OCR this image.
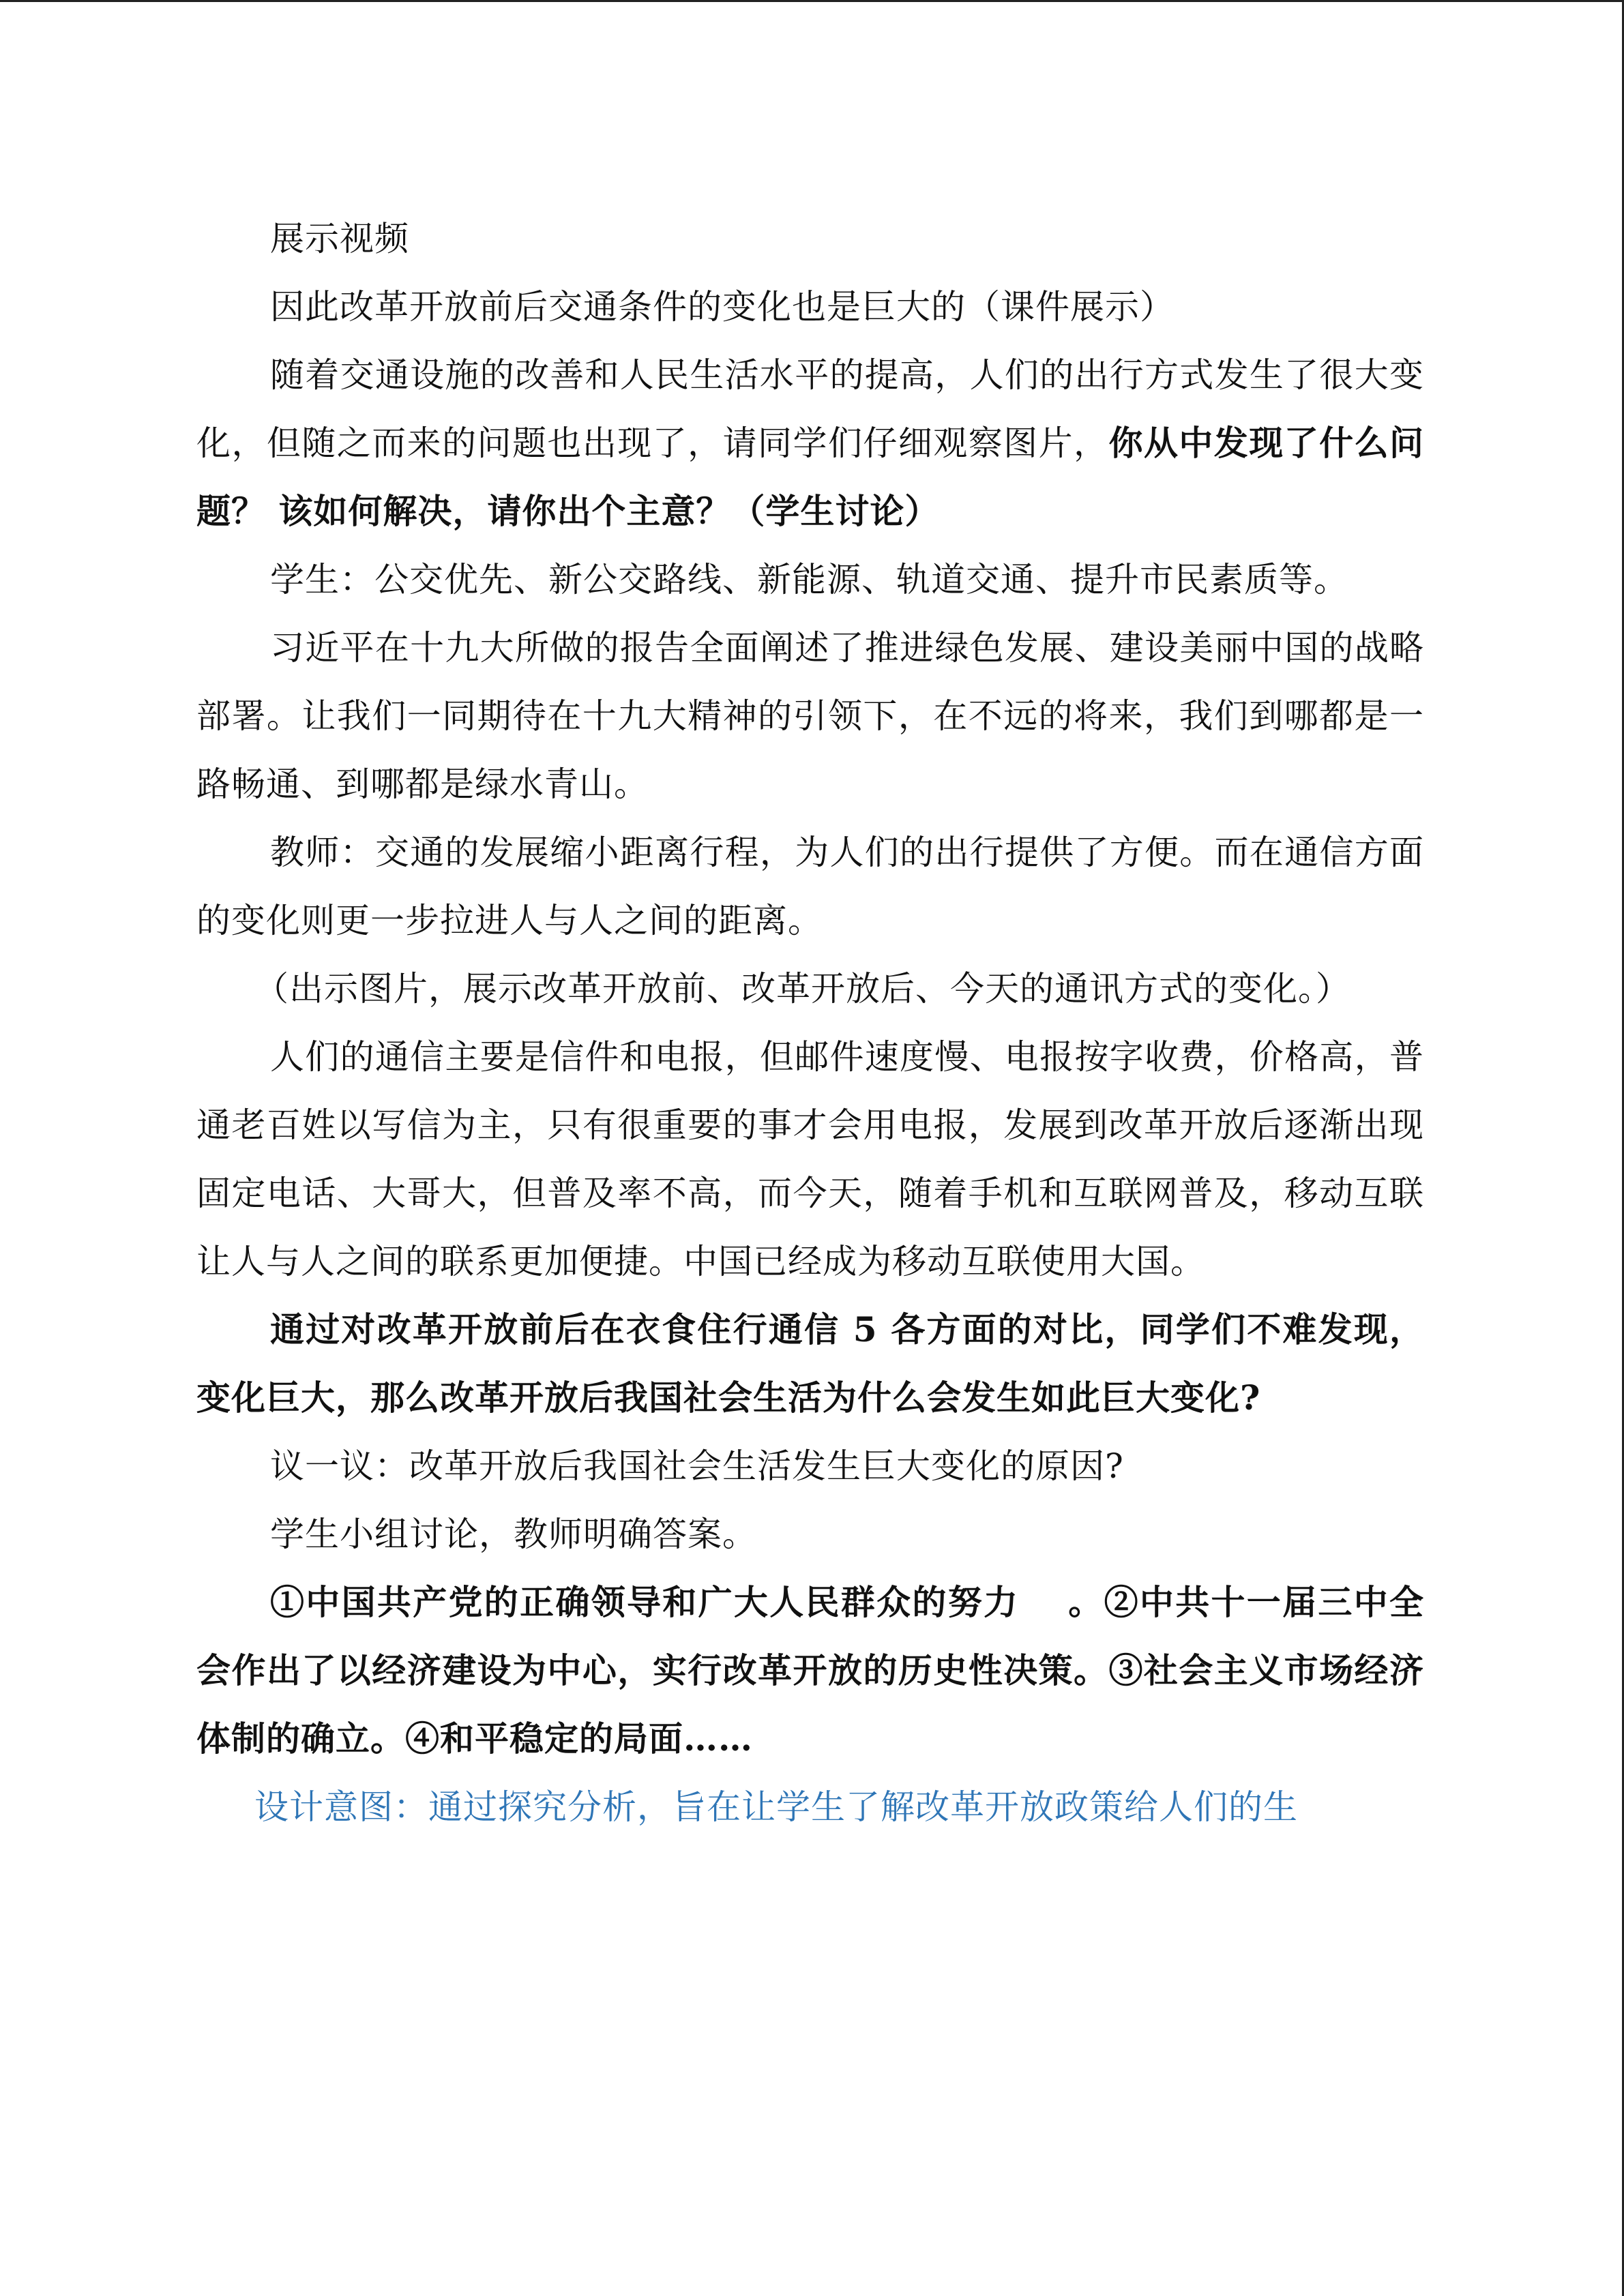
展示视频

因此改革开放前后交通条件的变化也是巨大的（课件展示）

随着交通设施的改善和人民生活水平的提高，人们的出行方式发生了很大变化，但随之而来的问题也出现了，请同学们仔细观察图片，你从中发现了什么问题？ 该如何解决，请你出个主意？（学生讨论）

学生：公交优先、新公交路线、新能源、轨道交通、提升市民素质等。

习近平在十九大所做的报告全面阐述了推进绿色发展、建设美丽中国的战略部署。让我们一同期待在十九大精神的引领下，在不远的将来，我们到哪都是一路畅通、到哪都是绿水青山。

教师：交通的发展缩小距离行程，为人们的出行提供了方便。而在通信方面的变化则更一步拉进人与人之间的距离。

（出示图片，展示改革开放前、改革开放后、今天的通讯方式的变化。）

人们的通信主要是信件和电报，但邮件速度慢、电报按字收费，价格高，普通老百姓以写信为主，只有很重要的事才会用电报，发展到改革开放后逐渐出现固定电话、大哥大，但普及率不高，而今天，随着手机和互联网普及，移动互联让人与人之间的联系更加便捷。中国已经成为移动互联使用大国。

通过对改革开放前后在衣食住行通信 5 各方面的对比，同学们不难发现，变化巨大，那么改革开放后我国社会生活为什么会发生如此巨大变化?

议一议：改革开放后我国社会生活发生巨大变化的原因?

学生小组讨论，教师明确答案。

①中国共产党的正确领导和广大人民群众的努力 　。②中共十一届三中全会作出了以经济建设为中心，实行改革开放的历史性决策。③社会主义市场经济体制的确立。④和平稳定的局面……

设计意图：通过探究分析，旨在让学生了解改革开放政策给人们的生
